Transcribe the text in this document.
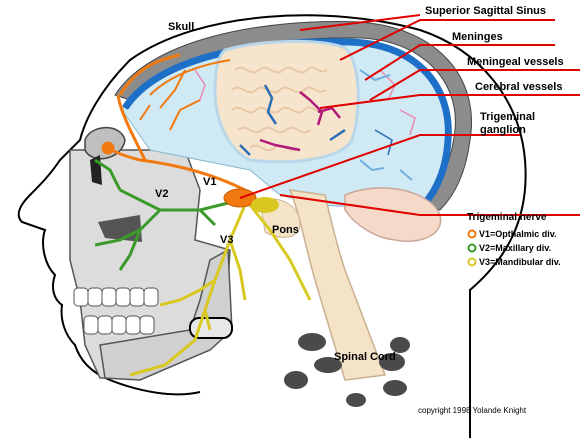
Skull
Superior Sagittal Sinus
Meninges
Meningeal vessels
Cerebral vessels
Trigeminal
ganglion
Trigeminal nerve
V1
V2
V3
Pons
Spinal Cord
V1=Opthalmic div.
V2=Maxillary div.
V3=Mandibular div.
copyright 1998 Yolande Knight
